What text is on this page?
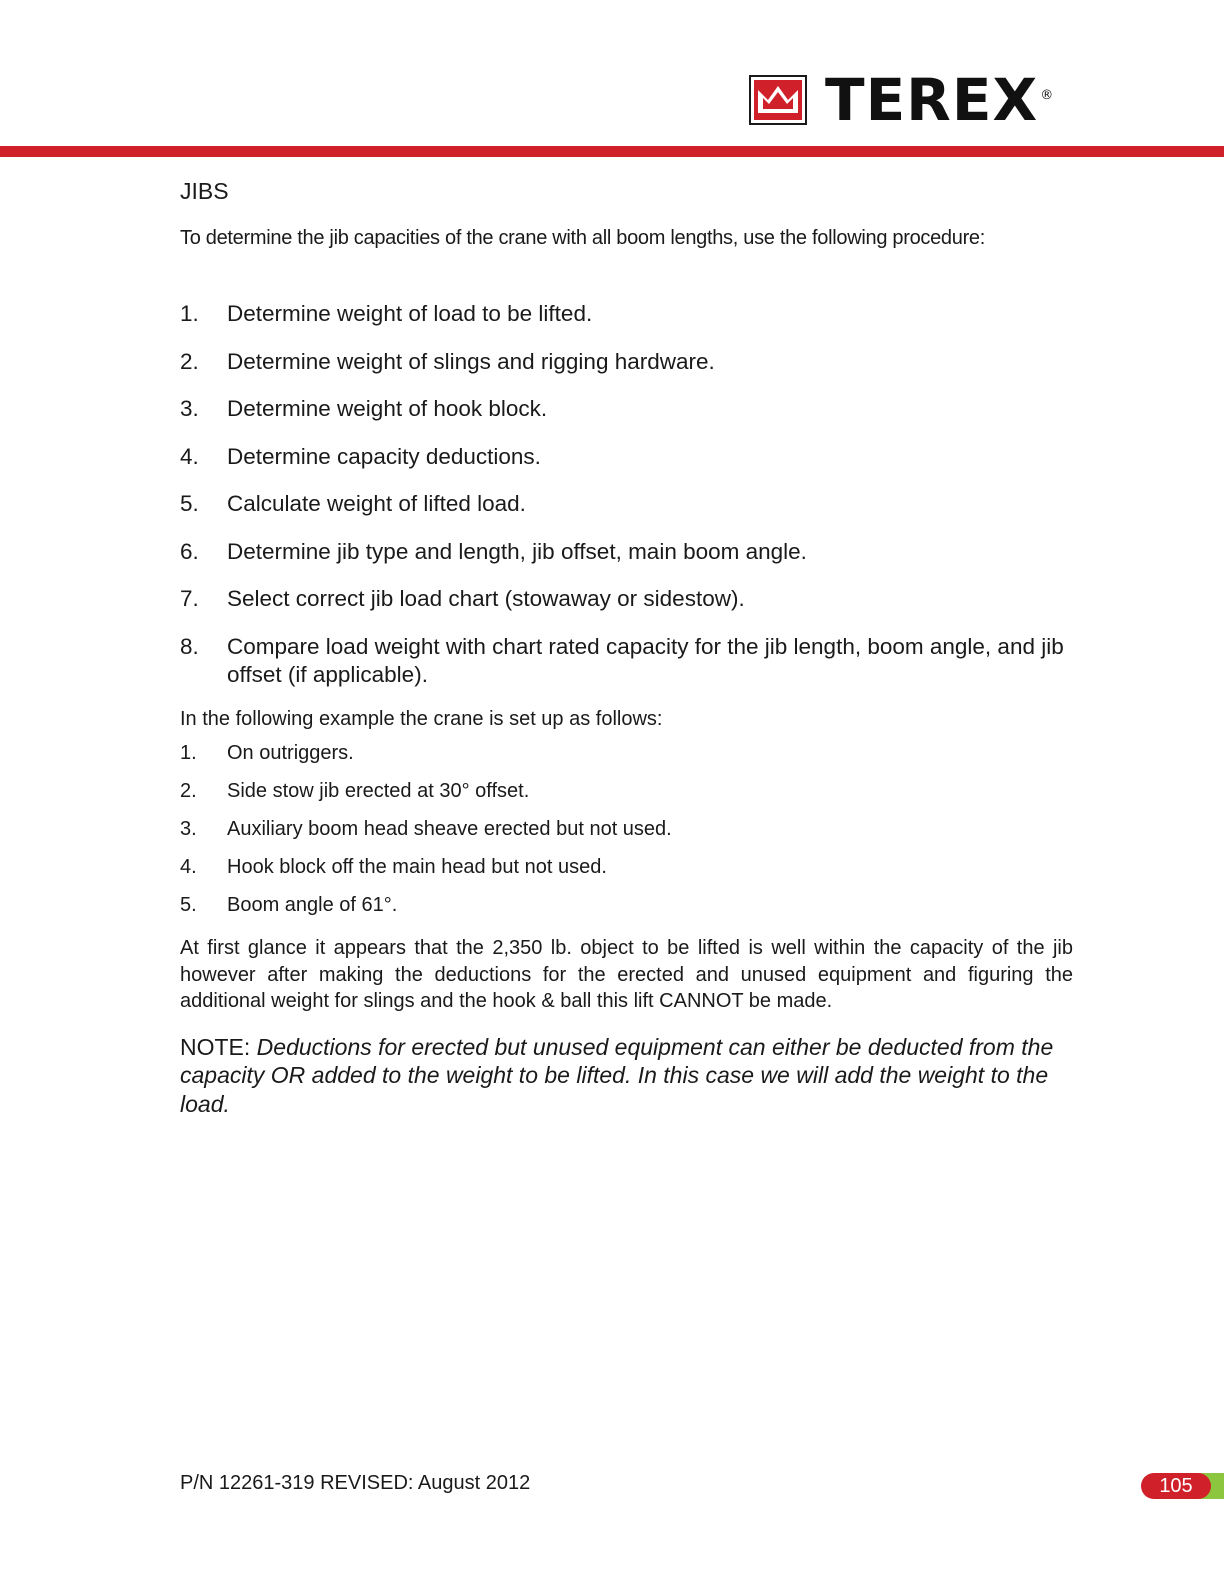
TEREX ®
JIBS

To determine the jib capacities of the crane with all boom lengths, use the following procedure:

1.	Determine weight of load to be lifted.
2.	Determine weight of slings and rigging hardware.
3.	Determine weight of hook block.
4.	Determine capacity deductions.
5.	Calculate weight of lifted load.
6.	Determine jib type and length, jib offset, main boom angle.
7.	Select correct jib load chart (stowaway or sidestow).
8.	Compare load weight with chart rated capacity for the jib length, boom angle, and jib offset (if applicable).

In the following example the crane is set up as follows:

1.	On outriggers.
2.	Side stow jib erected at 30° offset.
3.	Auxiliary boom head sheave erected but not used.
4.	Hook block off the main head but not used.
5.	Boom angle of 61°.

At first glance it appears that the 2,350 lb. object to be lifted is well within the capacity of the jib however after making the deductions for the erected and unused equipment and figuring the additional weight for slings and the hook & ball this lift CANNOT be made.

NOTE: Deductions for erected but unused equipment can either be deducted from the capacity OR added to the weight to be lifted. In this case we will add the weight to the load.

P/N 12261-319 REVISED: August 2012	105
